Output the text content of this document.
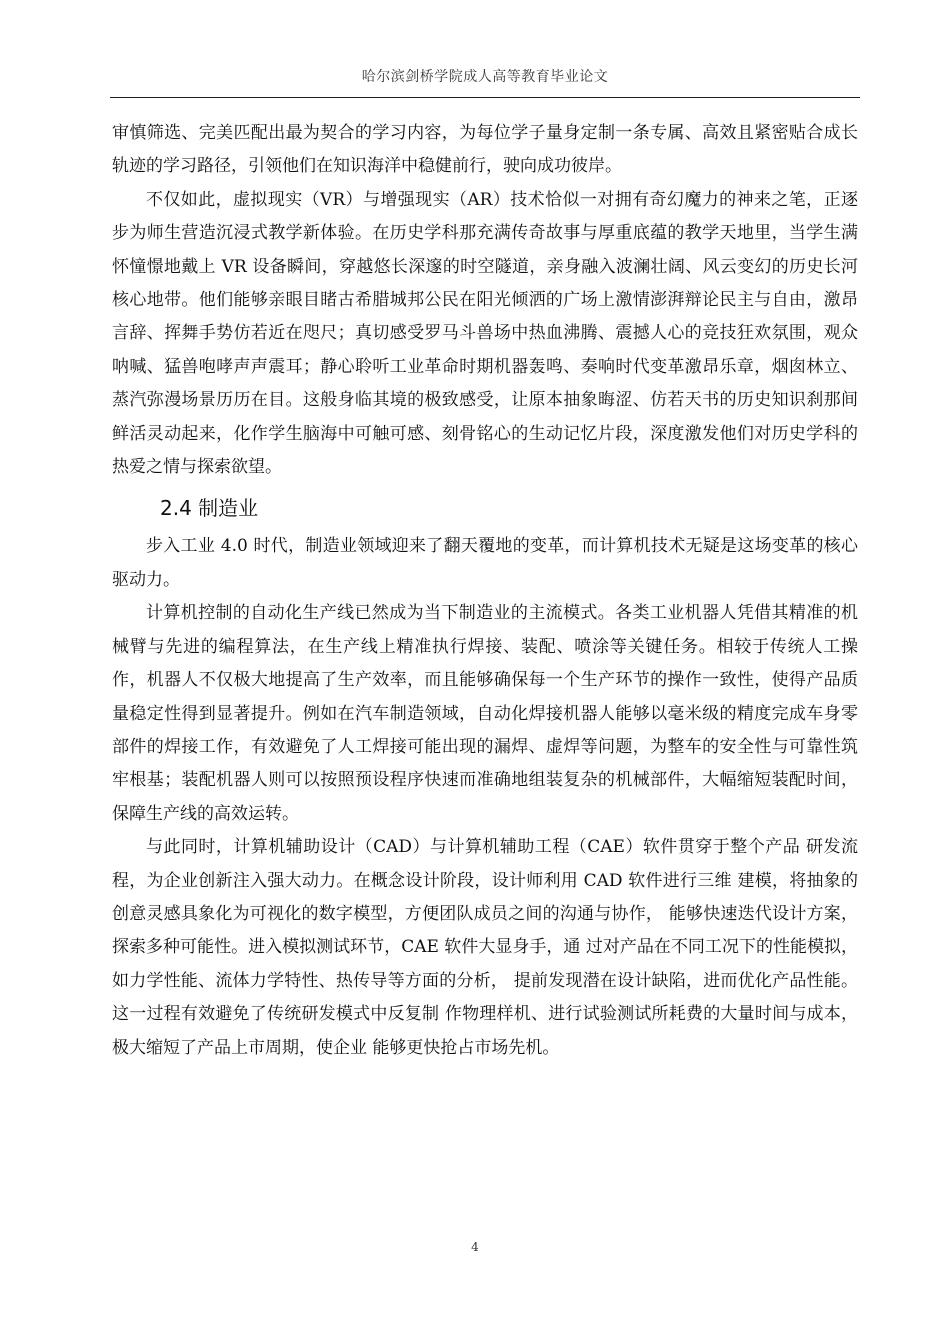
哈尔滨剑桥学院成人高等教育毕业论文

审慎筛选、完美匹配出最为契合的学习内容，为每位学子量身定制一条专属、高效且紧密贴合成长轨迹的学习路径，引领他们在知识海洋中稳健前行，驶向成功彼岸。

不仅如此，虚拟现实（VR）与增强现实（AR）技术恰似一对拥有奇幻魔力的神来之笔，正逐步为师生营造沉浸式教学新体验。在历史学科那充满传奇故事与厚重底蕴的教学天地里，当学生满怀憧憬地戴上 VR 设备瞬间，穿越悠长深邃的时空隧道，亲身融入波澜壮阔、风云变幻的历史长河核心地带。他们能够亲眼目睹古希腊城邦公民在阳光倾洒的广场上激情澎湃辩论民主与自由，激昂言辞、挥舞手势仿若近在咫尺；真切感受罗马斗兽场中热血沸腾、震撼人心的竞技狂欢氛围，观众呐喊、猛兽咆哮声声震耳；静心聆听工业革命时期机器轰鸣、奏响时代变革激昂乐章，烟囱林立、蒸汽弥漫场景历历在目。这般身临其境的极致感受，让原本抽象晦涩、仿若天书的历史知识刹那间鲜活灵动起来，化作学生脑海中可触可感、刻骨铭心的生动记忆片段，深度激发他们对历史学科的热爱之情与探索欲望。

2.4 制造业

步入工业 4.0 时代，制造业领域迎来了翻天覆地的变革，而计算机技术无疑是这场变革的核心驱动力。

计算机控制的自动化生产线已然成为当下制造业的主流模式。各类工业机器人凭借其精准的机械臂与先进的编程算法，在生产线上精准执行焊接、装配、喷涂等关键任务。相较于传统人工操作，机器人不仅极大地提高了生产效率，而且能够确保每一个生产环节的操作一致性，使得产品质量稳定性得到显著提升。例如在汽车制造领域，自动化焊接机器人能够以毫米级的精度完成车身零部件的焊接工作，有效避免了人工焊接可能出现的漏焊、虚焊等问题，为整车的安全性与可靠性筑牢根基；装配机器人则可以按照预设程序快速而准确地组装复杂的机械部件，大幅缩短装配时间，保障生产线的高效运转。

与此同时，计算机辅助设计（CAD）与计算机辅助工程（CAE）软件贯穿于整个产品 研发流程，为企业创新注入强大动力。在概念设计阶段，设计师利用 CAD 软件进行三维 建模，将抽象的创意灵感具象化为可视化的数字模型，方便团队成员之间的沟通与协作， 能够快速迭代设计方案，探索多种可能性。进入模拟测试环节，CAE 软件大显身手，通 过对产品在不同工况下的性能模拟，如力学性能、流体力学特性、热传导等方面的分析， 提前发现潜在设计缺陷，进而优化产品性能。这一过程有效避免了传统研发模式中反复制 作物理样机、进行试验测试所耗费的大量时间与成本，极大缩短了产品上市周期，使企业 能够更快抢占市场先机。

4
